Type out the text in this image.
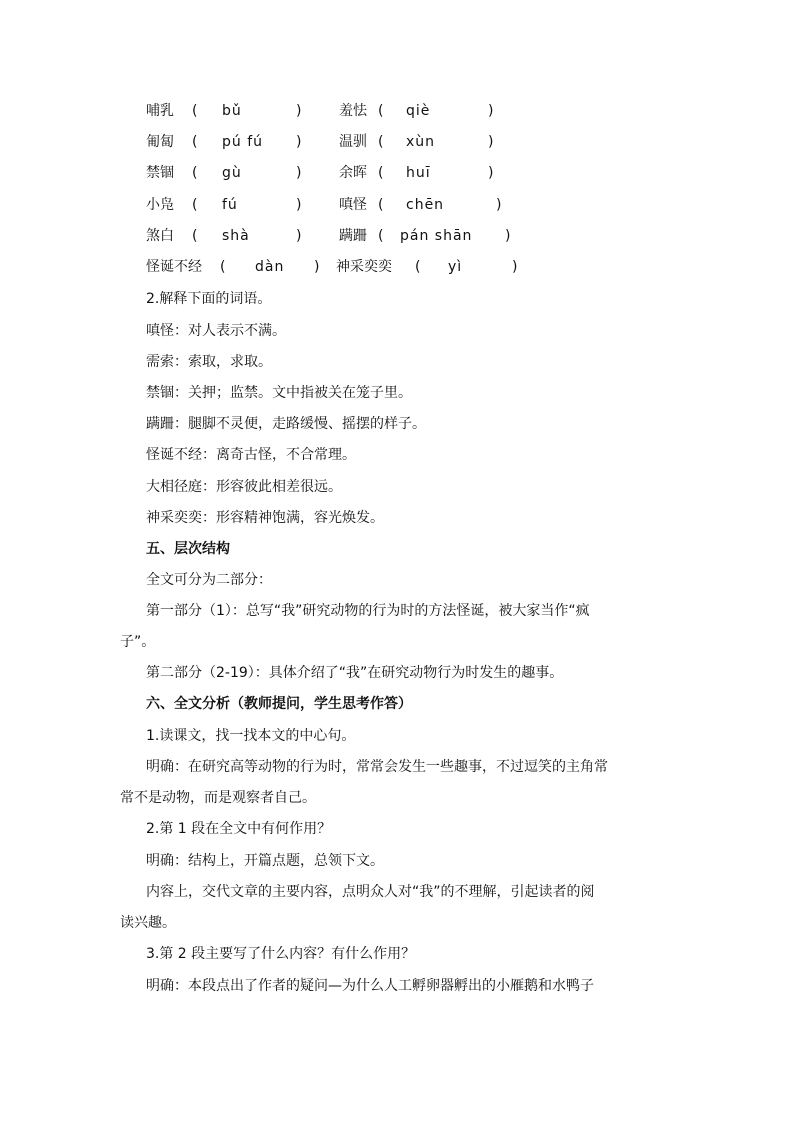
哺乳 ( bǔ	)	羞怯 ( qiè	)
匍匐 ( pú fú )	温驯 ( xùn	)
禁锢 ( gù	)	余晖 ( huī	)
小凫 ( fú	)	嗔怪 ( chēn	)
煞白 ( shà	)	蹒跚 ( pán shān )
怪诞不经 ( dàn ) 神采奕奕 ( yì	)
2.解释下面的词语。
嗔怪：对人表示不满。
需索：索取，求取。
禁锢：关押；监禁。文中指被关在笼子里。
蹒跚：腿脚不灵便，走路缓慢、摇摆的样子。
怪诞不经：离奇古怪，不合常理。
大相径庭：形容彼此相差很远。
神采奕奕：形容精神饱满，容光焕发。
五、层次结构
全文可分为二部分：
第一部分（1）：总写“我”研究动物的行为时的方法怪诞，被大家当作“疯
子”。
第二部分（2-19）：具体介绍了“我”在研究动物行为时发生的趣事。
六、全文分析（教师提问，学生思考作答）
1.读课文，找一找本文的中心句。
明确：在研究高等动物的行为时，常常会发生一些趣事，不过逗笑的主角常
常不是动物，而是观察者自己。
2.第 1 段在全文中有何作用？
明确：结构上，开篇点题，总领下文。
内容上，交代文章的主要内容，点明众人对“我”的不理解，引起读者的阅
读兴趣。
3.第 2 段主要写了什么内容？有什么作用？
明确：本段点出了作者的疑问—为什么人工孵卵器孵出的小雁鹅和水鸭子
